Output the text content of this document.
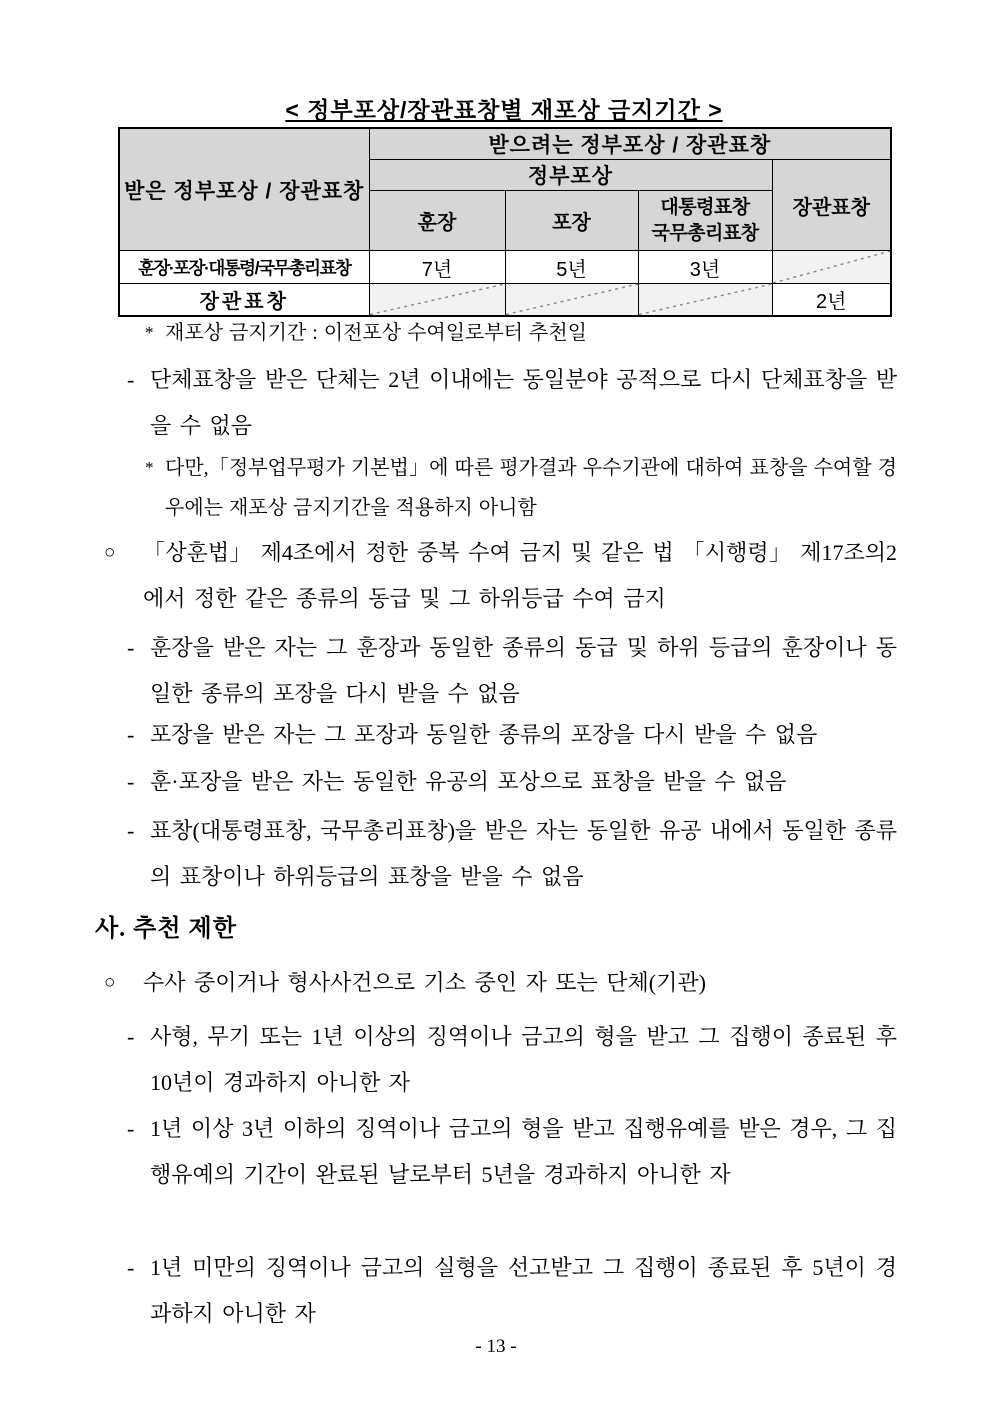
< 정부포상/장관표창별 재포상 금지기간 >
받은 정부포상 / 장관표창	받으려는 정부포상 / 장관표창			
	정부포상			장관표창
	훈장	포장	대통령표창
국무총리표창	

훈장·포장·대통령/국무총리표창	7년	5년	3년	

장관표창				2년
* 재포상 금지기간 : 이전포상 수여일로부터 추천일
- 단체표창을 받은 단체는 2년 이내에는 동일분야 공적으로 다시 단체표창을 받을 수 없음
* 다만,「정부업무평가 기본법」에 따른 평가결과 우수기관에 대하여 표창을 수여할 경우에는 재포상 금지기간을 적용하지 아니함
○	「상훈법」 제4조에서 정한 중복 수여 금지 및 같은 법 「시행령」 제17조의2에서 정한 같은 종류의 동급 및 그 하위등급 수여 금지
- 훈장을 받은 자는 그 훈장과 동일한 종류의 동급 및 하위 등급의 훈장이나 동일한 종류의 포장을 다시 받을 수 없음
- 포장을 받은 자는 그 포장과 동일한 종류의 포장을 다시 받을 수 없음
- 훈·포장을 받은 자는 동일한 유공의 포상으로 표창을 받을 수 없음
- 표창(대통령표창, 국무총리표창)을 받은 자는 동일한 유공 내에서 동일한 종류의 표창이나 하위등급의 표창을 받을 수 없음
사. 추천 제한
○	수사 중이거나 형사사건으로 기소 중인 자 또는 단체(기관)
- 사형, 무기 또는 1년 이상의 징역이나 금고의 형을 받고 그 집행이 종료된 후 10년이 경과하지 아니한 자
- 1년 이상 3년 이하의 징역이나 금고의 형을 받고 집행유예를 받은 경우, 그 집행유예의 기간이 완료된 날로부터 5년을 경과하지 아니한 자
- 1년 미만의 징역이나 금고의 실형을 선고받고 그 집행이 종료된 후 5년이 경과하지 아니한 자
- 13 -
